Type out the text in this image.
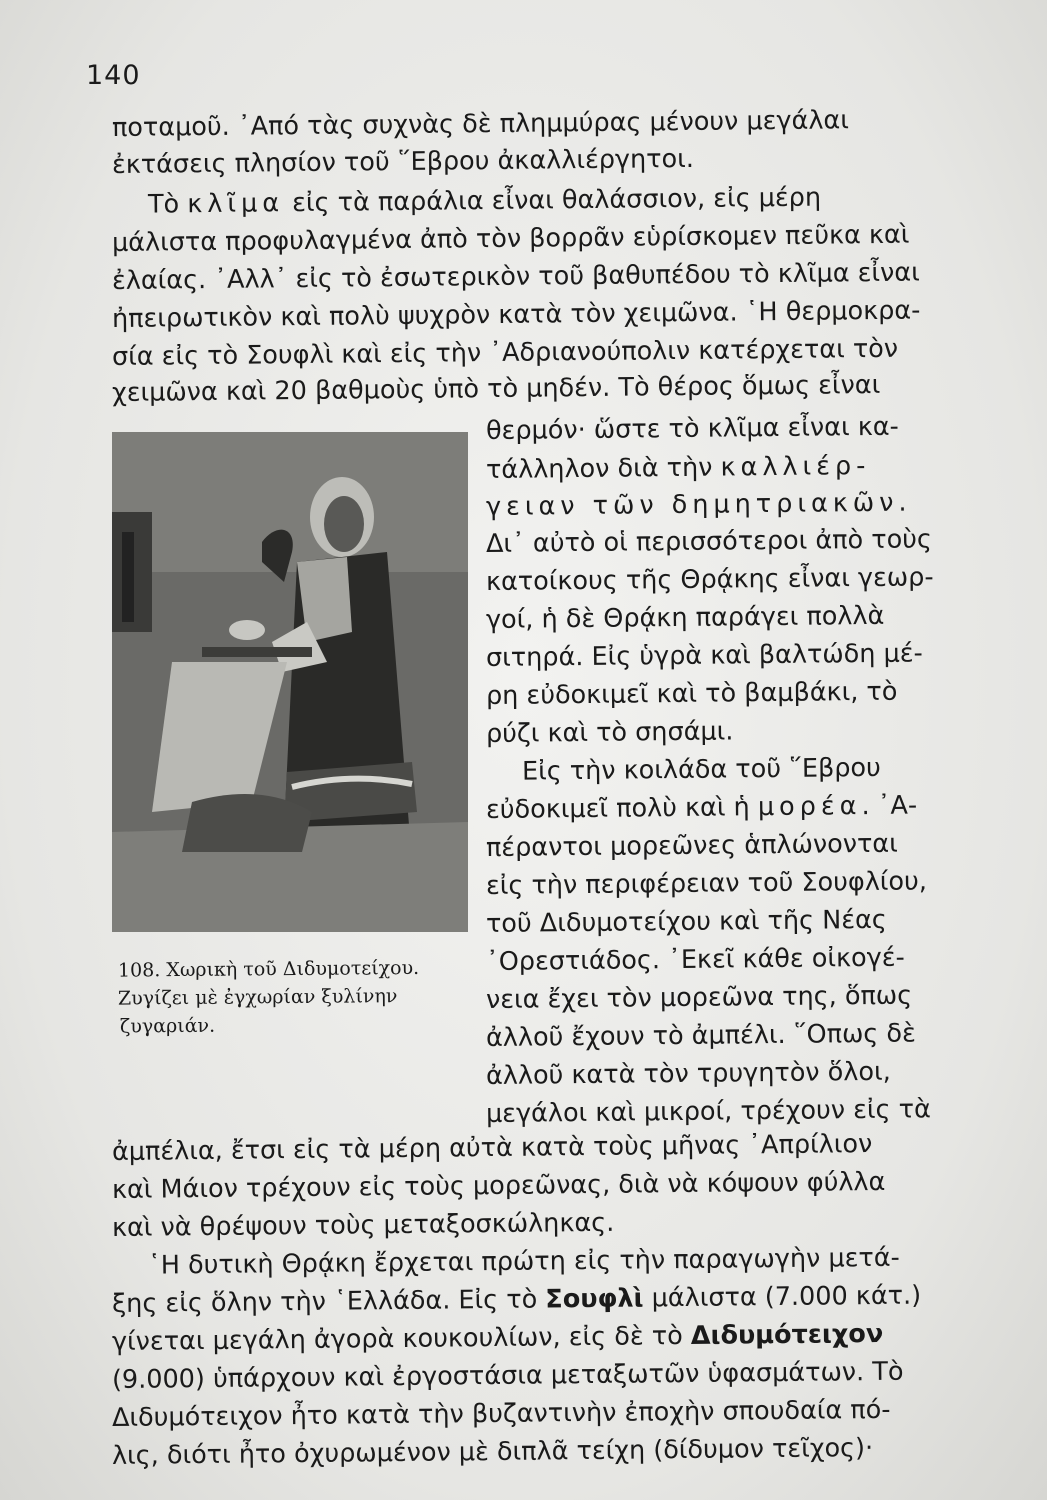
140
ποταμοῦ. ᾿Από τὰς συχνὰς δὲ πλημμύρας μένουν μεγάλαι
ἐκτάσεις πλησίον τοῦ ῞Εβρου ἀκαλλιέργητοι.
Τὸ κλῖμα εἰς τὰ παράλια εἶναι θαλάσσιον, εἰς μέρη
μάλιστα προφυλαγμένα ἀπὸ τὸν βορρᾶν εὑρίσκομεν πεῦκα καὶ
ἐλαίας. ᾿Αλλ᾿ εἰς τὸ ἐσωτερικὸν τοῦ βαθυπέδου τὸ κλῖμα εἶναι
ἠπειρωτικὸν καὶ πολὺ ψυχρὸν κατὰ τὸν χειμῶνα. ῾Η θερμοκρα-
σία εἰς τὸ Σουφλὶ καὶ εἰς τὴν ᾿Αδριανούπολιν κατέρχεται τὸν
χειμῶνα καὶ 20 βαθμοὺς ὑπὸ τὸ μηδέν. Τὸ θέρος ὅμως εἶναι
108. Χωρικὴ τοῦ Διδυμοτείχου.
Ζυγίζει μὲ ἐγχωρίαν ξυλίνην
ζυγαριάν.
θερμόν· ὥστε τὸ κλῖμα εἶναι κα-
τάλληλον διὰ τὴν καλλιέρ-
γειαν τῶν δημητριακῶν.
Δι᾿ αὐτὸ οἱ περισσότεροι ἀπὸ τοὺς
κατοίκους τῆς Θρᾴκης εἶναι γεωρ-
γοί, ἡ δὲ Θρᾴκη παράγει πολλὰ
σιτηρά. Εἰς ὑγρὰ καὶ βαλτώδη μέ-
ρη εὐδοκιμεῖ καὶ τὸ βαμβάκι, τὸ
ρύζι καὶ τὸ σησάμι.
Εἰς τὴν κοιλάδα τοῦ ῞Εβρου
εὐδοκιμεῖ πολὺ καὶ ἡ μορέα. ᾿Α-
πέραντοι μορεῶνες ἁπλώνονται
εἰς τὴν περιφέρειαν τοῦ Σουφλίου,
τοῦ Διδυμοτείχου καὶ τῆς Νέας
᾿Ορεστιάδος. ᾿Εκεῖ κάθε οἰκογέ-
νεια ἔχει τὸν μορεῶνα της, ὅπως
ἀλλοῦ ἔχουν τὸ ἀμπέλι. ῞Οπως δὲ
ἀλλοῦ κατὰ τὸν τρυγητὸν ὅλοι,
μεγάλοι καὶ μικροί, τρέχουν εἰς τὰ
ἀμπέλια, ἔτσι εἰς τὰ μέρη αὐτὰ κατὰ τοὺς μῆνας ᾿Απρίλιον
καὶ Μάιον τρέχουν εἰς τοὺς μορεῶνας, διὰ νὰ κόψουν φύλλα
καὶ νὰ θρέψουν τοὺς μεταξοσκώληκας.
῾Η δυτικὴ Θρᾴκη ἔρχεται πρώτη εἰς τὴν παραγωγὴν μετά-
ξης εἰς ὅλην τὴν ῾Ελλάδα. Εἰς τὸ Σουφλὶ μάλιστα (7.000 κάτ.)
γίνεται μεγάλη ἀγορὰ κουκουλίων, εἰς δὲ τὸ Διδυμότειχον
(9.000) ὑπάρχουν καὶ ἐργοστάσια μεταξωτῶν ὑφασμάτων. Τὸ
Διδυμότειχον ἦτο κατὰ τὴν βυζαντινὴν ἐποχὴν σπουδαία πό-
λις, διότι ἦτο ὀχυρωμένον μὲ διπλᾶ τείχη (δίδυμον τεῖχος)·
